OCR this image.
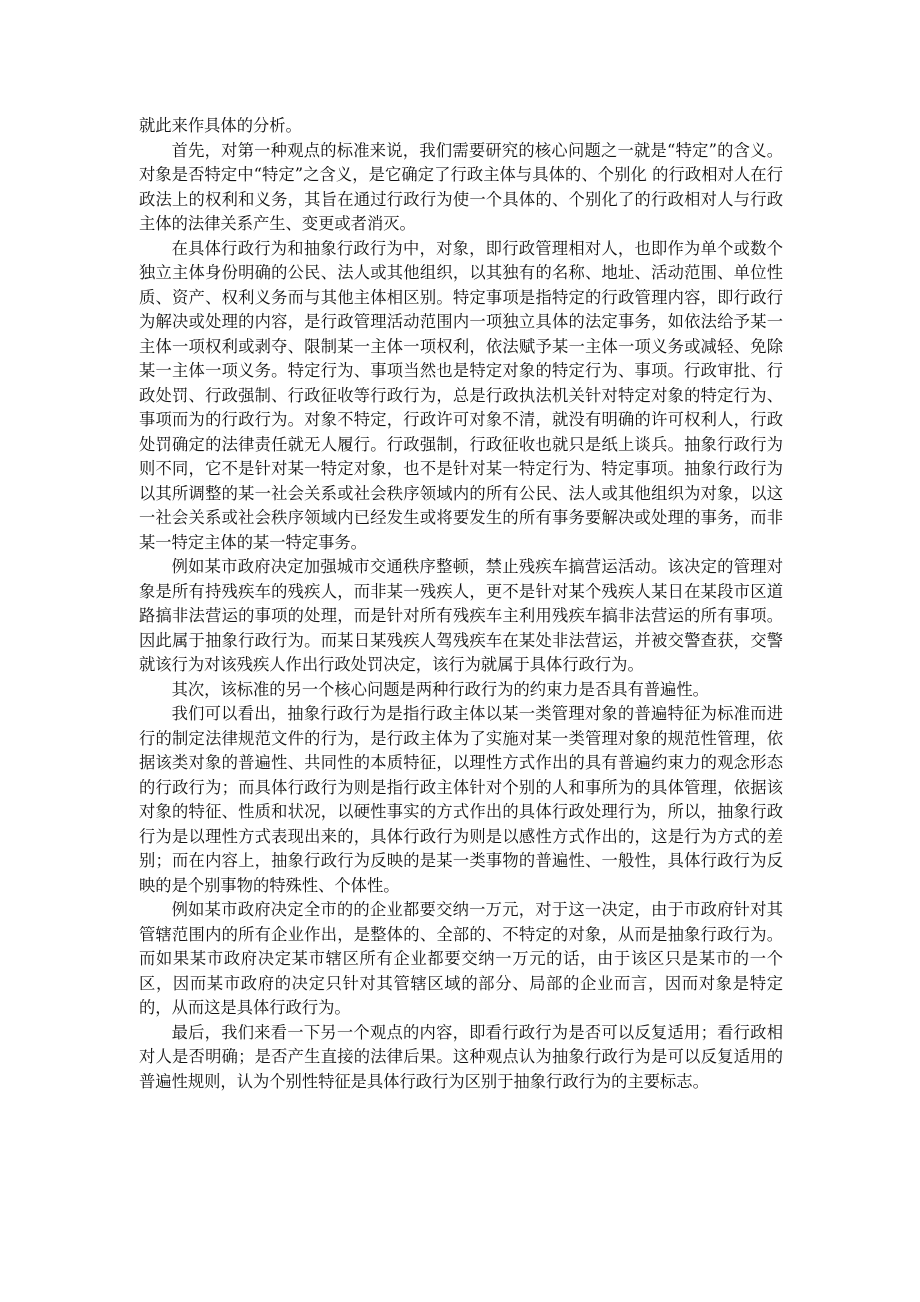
就此来作具体的分析。

首先，对第一种观点的标准来说，我们需要研究的核心问题之一就是“特定”的含义。对象是否特定中“特定”之含义，是它确定了行政主体与具体的、个别化 的行政相对人在行政法上的权利和义务，其旨在通过行政行为使一个具体的、个别化了的行政相对人与行政主体的法律关系产生、变更或者消灭。

在具体行政行为和抽象行政行为中，对象，即行政管理相对人，也即作为单个或数个独立主体身份明确的公民、法人或其他组织，以其独有的名称、地址、活动范围、单位性质、资产、权利义务而与其他主体相区别。特定事项是指特定的行政管理内容，即行政行为解决或处理的内容，是行政管理活动范围内一项独立具体的法定事务，如依法给予某一主体一项权利或剥夺、限制某一主体一项权利，依法赋予某一主体一项义务或减轻、免除某一主体一项义务。特定行为、事项当然也是特定对象的特定行为、事项。行政审批、行政处罚、行政强制、行政征收等行政行为，总是行政执法机关针对特定对象的特定行为、事项而为的行政行为。对象不特定，行政许可对象不清，就没有明确的许可权利人，行政处罚确定的法律责任就无人履行。行政强制，行政征收也就只是纸上谈兵。抽象行政行为则不同，它不是针对某一特定对象，也不是针对某一特定行为、特定事项。抽象行政行为以其所调整的某一社会关系或社会秩序领域内的所有公民、法人或其他组织为对象，以这一社会关系或社会秩序领域内已经发生或将要发生的所有事务要解决或处理的事务，而非某一特定主体的某一特定事务。

例如某市政府决定加强城市交通秩序整顿，禁止残疾车搞营运活动。该决定的管理对象是所有持残疾车的残疾人，而非某一残疾人，更不是针对某个残疾人某日在某段市区道路搞非法营运的事项的处理，而是针对所有残疾车主利用残疾车搞非法营运的所有事项。因此属于抽象行政行为。而某日某残疾人驾残疾车在某处非法营运，并被交警查获，交警就该行为对该残疾人作出行政处罚决定，该行为就属于具体行政行为。

其次，该标准的另一个核心问题是两种行政行为的约束力是否具有普遍性。

我们可以看出，抽象行政行为是指行政主体以某一类管理对象的普遍特征为标准而进行的制定法律规范文件的行为，是行政主体为了实施对某一类管理对象的规范性管理，依据该类对象的普遍性、共同性的本质特征，以理性方式作出的具有普遍约束力的观念形态的行政行为；而具体行政行为则是指行政主体针对个别的人和事所为的具体管理，依据该对象的特征、性质和状况，以硬性事实的方式作出的具体行政处理行为，所以，抽象行政行为是以理性方式表现出来的，具体行政行为则是以感性方式作出的，这是行为方式的差别；而在内容上，抽象行政行为反映的是某一类事物的普遍性、一般性，具体行政行为反映的是个别事物的特殊性、个体性。

例如某市政府决定全市的的企业都要交纳一万元，对于这一决定，由于市政府针对其管辖范围内的所有企业作出，是整体的、全部的、不特定的对象，从而是抽象行政行为。而如果某市政府决定某市辖区所有企业都要交纳一万元的话，由于该区只是某市的一个区，因而某市政府的决定只针对其管辖区域的部分、局部的企业而言，因而对象是特定的，从而这是具体行政行为。

最后，我们来看一下另一个观点的内容，即看行政行为是否可以反复适用；看行政相对人是否明确；是否产生直接的法律后果。这种观点认为抽象行政行为是可以反复适用的普遍性规则，认为个别性特征是具体行政行为区别于抽象行政行为的主要标志。
